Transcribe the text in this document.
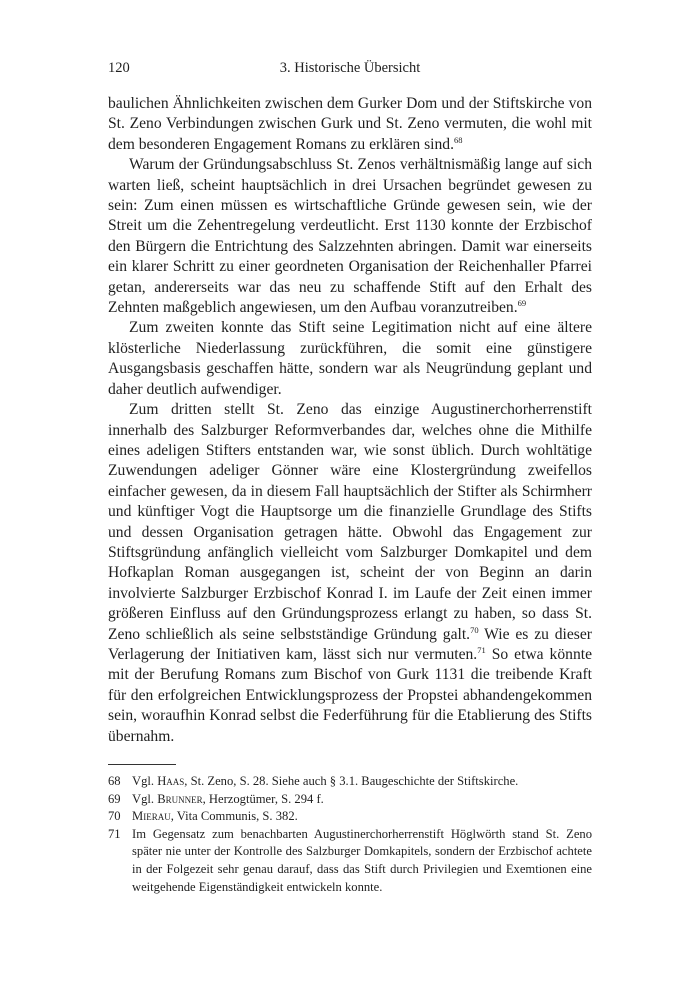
120	3. Historische Übersicht

baulichen Ähnlichkeiten zwischen dem Gurker Dom und der Stiftskirche von St. Zeno Verbindungen zwischen Gurk und St. Zeno vermuten, die wohl mit dem besonderen Engagement Romans zu erklären sind.$^{68}$

Warum der Gründungsabschluss St. Zenos verhältnismäßig lange auf sich warten ließ, scheint hauptsächlich in drei Ursachen begründet gewesen zu sein: Zum einen müssen es wirtschaftliche Gründe gewesen sein, wie der Streit um die Zehentregelung verdeutlicht. Erst 1130 konnte der Erzbischof den Bürgern die Entrichtung des Salzzehnten abringen. Damit war einerseits ein klarer Schritt zu einer geordneten Organisation der Reichenhaller Pfarrei getan, andererseits war das neu zu schaffende Stift auf den Erhalt des Zehnten maßgeblich angewiesen, um den Aufbau voranzutreiben.$^{69}$

Zum zweiten konnte das Stift seine Legitimation nicht auf eine ältere klösterliche Niederlassung zurückführen, die somit eine günstigere Ausgangsbasis geschaffen hätte, sondern war als Neugründung geplant und daher deutlich aufwendiger.

Zum dritten stellt St. Zeno das einzige Augustinerchorherrenstift innerhalb des Salzburger Reformverbandes dar, welches ohne die Mithilfe eines adeligen Stifters entstanden war, wie sonst üblich. Durch wohltätige Zuwendungen adeliger Gönner wäre eine Klostergründung zweifellos einfacher gewesen, da in diesem Fall hauptsächlich der Stifter als Schirmherr und künftiger Vogt die Hauptsorge um die finanzielle Grundlage des Stifts und dessen Organisation getragen hätte. Obwohl das Engagement zur Stiftsgründung anfänglich vielleicht vom Salzburger Domkapitel und dem Hofkaplan Roman ausgegangen ist, scheint der von Beginn an darin involvierte Salzburger Erzbischof Konrad I. im Laufe der Zeit einen immer größeren Einfluss auf den Gründungsprozess erlangt zu haben, so dass St. Zeno schließlich als seine selbstständige Gründung galt.$^{70}$ Wie es zu dieser Verlagerung der Initiativen kam, lässt sich nur vermuten.$^{71}$ So etwa könnte mit der Berufung Romans zum Bischof von Gurk 1131 die treibende Kraft für den erfolgreichen Entwicklungsprozess der Propstei abhandengekommen sein, woraufhin Konrad selbst die Federführung für die Etablierung des Stifts übernahm.

68 Vgl. Haas, St. Zeno, S. 28. Siehe auch § 3.1. Baugeschichte der Stiftskirche.
69 Vgl. Brunner, Herzogtümer, S. 294 f.
70 Mierau, Vita Communis, S. 382.
71 Im Gegensatz zum benachbarten Augustinerchorherrenstift Höglwörth stand St. Zeno später nie unter der Kontrolle des Salzburger Domkapitels, sondern der Erzbischof achtete in der Folgezeit sehr genau darauf, dass das Stift durch Privilegien und Exemtionen eine weitgehende Eigenständigkeit entwickeln konnte.
